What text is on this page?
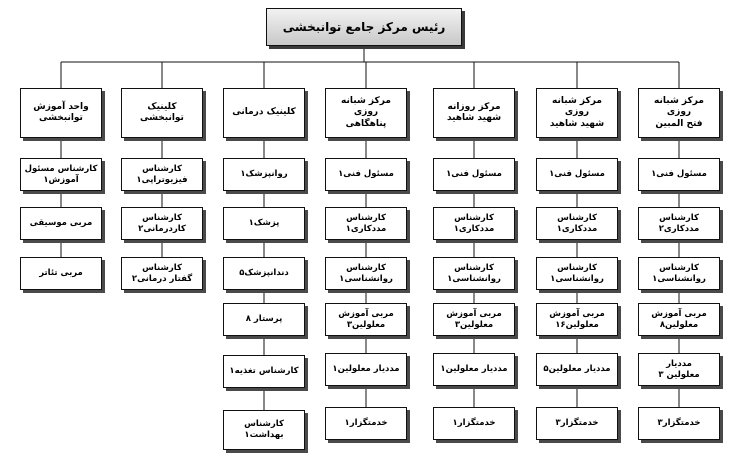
رئیس مرکز جامع توانبخشی
مرکز شبانه روزی
فتح المبین
مسئول فنی۱
کارشناس
مددکاری۲
کارشناس
روانشناسی۱
مربی آموزش
معلولین۸
مددیار
معلولین ۳
خدمتگزار۳
مرکز شبانه روزی
شهید شاهید
مسئول فنی۱
کارشناس
مددکاری۱
کارشناس
روانشناسی۱
مربی آموزش
معلولین۱۶
مددیار معلولین۵
خدمتگزار۳
مرکز روزانه
شهید شاهید
مسئول فنی۱
کارشناس
مددکاری۱
کارشناس
روانشناسی۱
مربی آموزش
معلولین۳
مددیار معلولین۱
خدمتگزار۱
مرکز شبانه روزی
پناهگاهی
مسئول فنی۱
کارشناس
مددکاری۱
کارشناس
روانشناسی۱
مربی آموزش
معلولین۳
مددیار معلولین۱
خدمتگزار۱
کلینیک درمانی
روانپزشک۱
پزشک۱
دندانپزشک۵
پرستار ۸
کارشناس تغذیه۱
کارشناس
بهداشت۱
کلینیک توانبخشی
کارشناس
فیزیوتراپی۱
کارشناس
کاردرمانی۲
کارشناس
گفتار درمانی۲
واحد آموزش
توانبخشی
کارشناس مسئول
آموزش۱
مربی موسیقی
مربی تئاتر
